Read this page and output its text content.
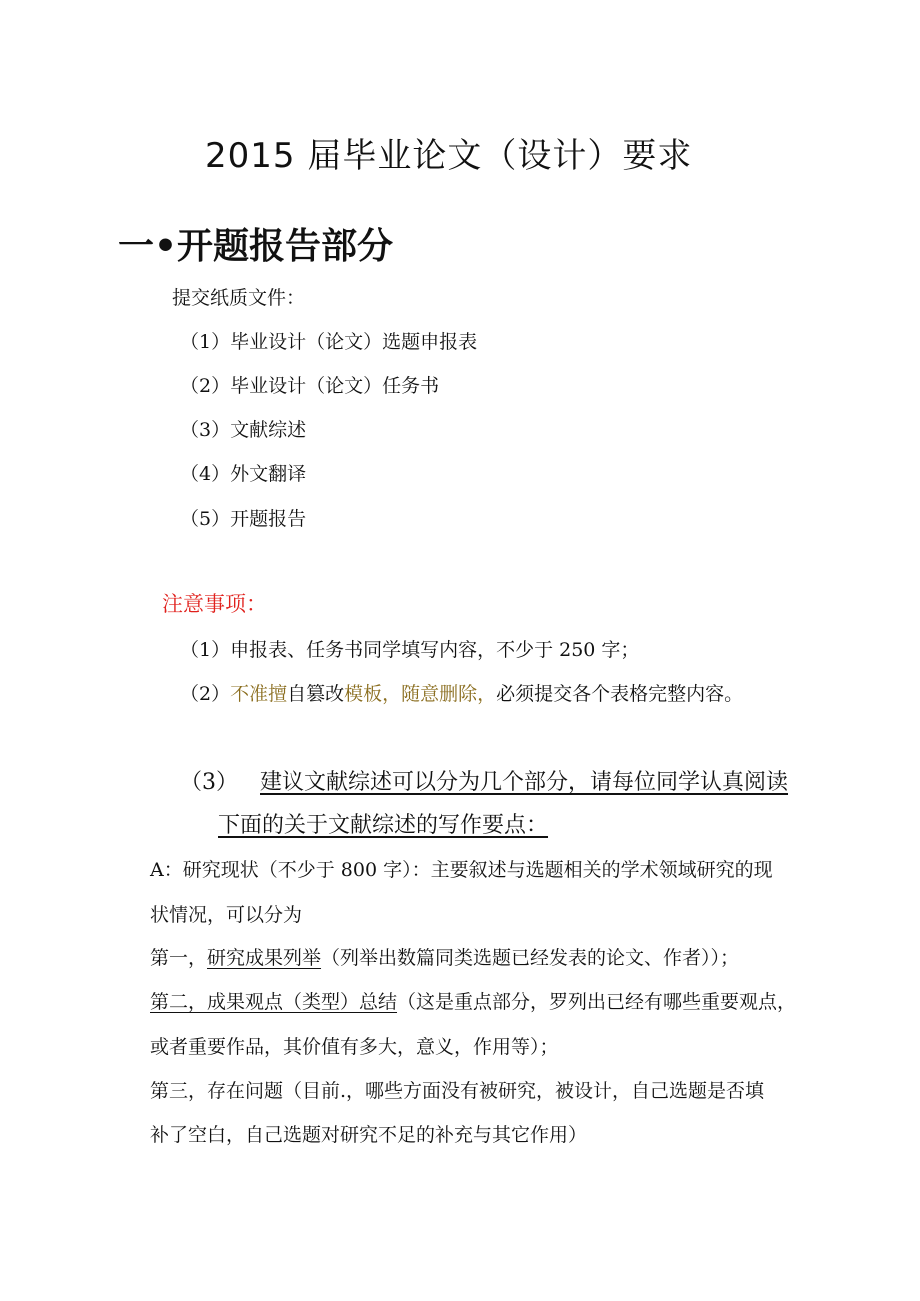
2015 届毕业论文（设计）要求
一•开题报告部分
提交纸质文件：
（1）毕业设计（论文）选题申报表
（2）毕业设计（论文）任务书
（3）文献综述
（4）外文翻译
（5）开题报告
注意事项：
（1）申报表、任务书同学填写内容，不少于 250 字；
（2）不准擅自篡改模板，随意删除，必须提交各个表格完整内容。
（3） 建议文献综述可以分为几个部分，请每位同学认真阅读
下面的关于文献综述的写作要点：
A：研究现状（不少于 800 字）：主要叙述与选题相关的学术领域研究的现
状情况，可以分为
第一，研究成果列举（列举出数篇同类选题已经发表的论文、作者））；
第二，成果观点（类型）总结（这是重点部分，罗列出已经有哪些重要观点，
或者重要作品，其价值有多大，意义，作用等）；
第三，存在问题（目前.，哪些方面没有被研究，被设计，自己选题是否填
补了空白，自己选题对研究不足的补充与其它作用）
